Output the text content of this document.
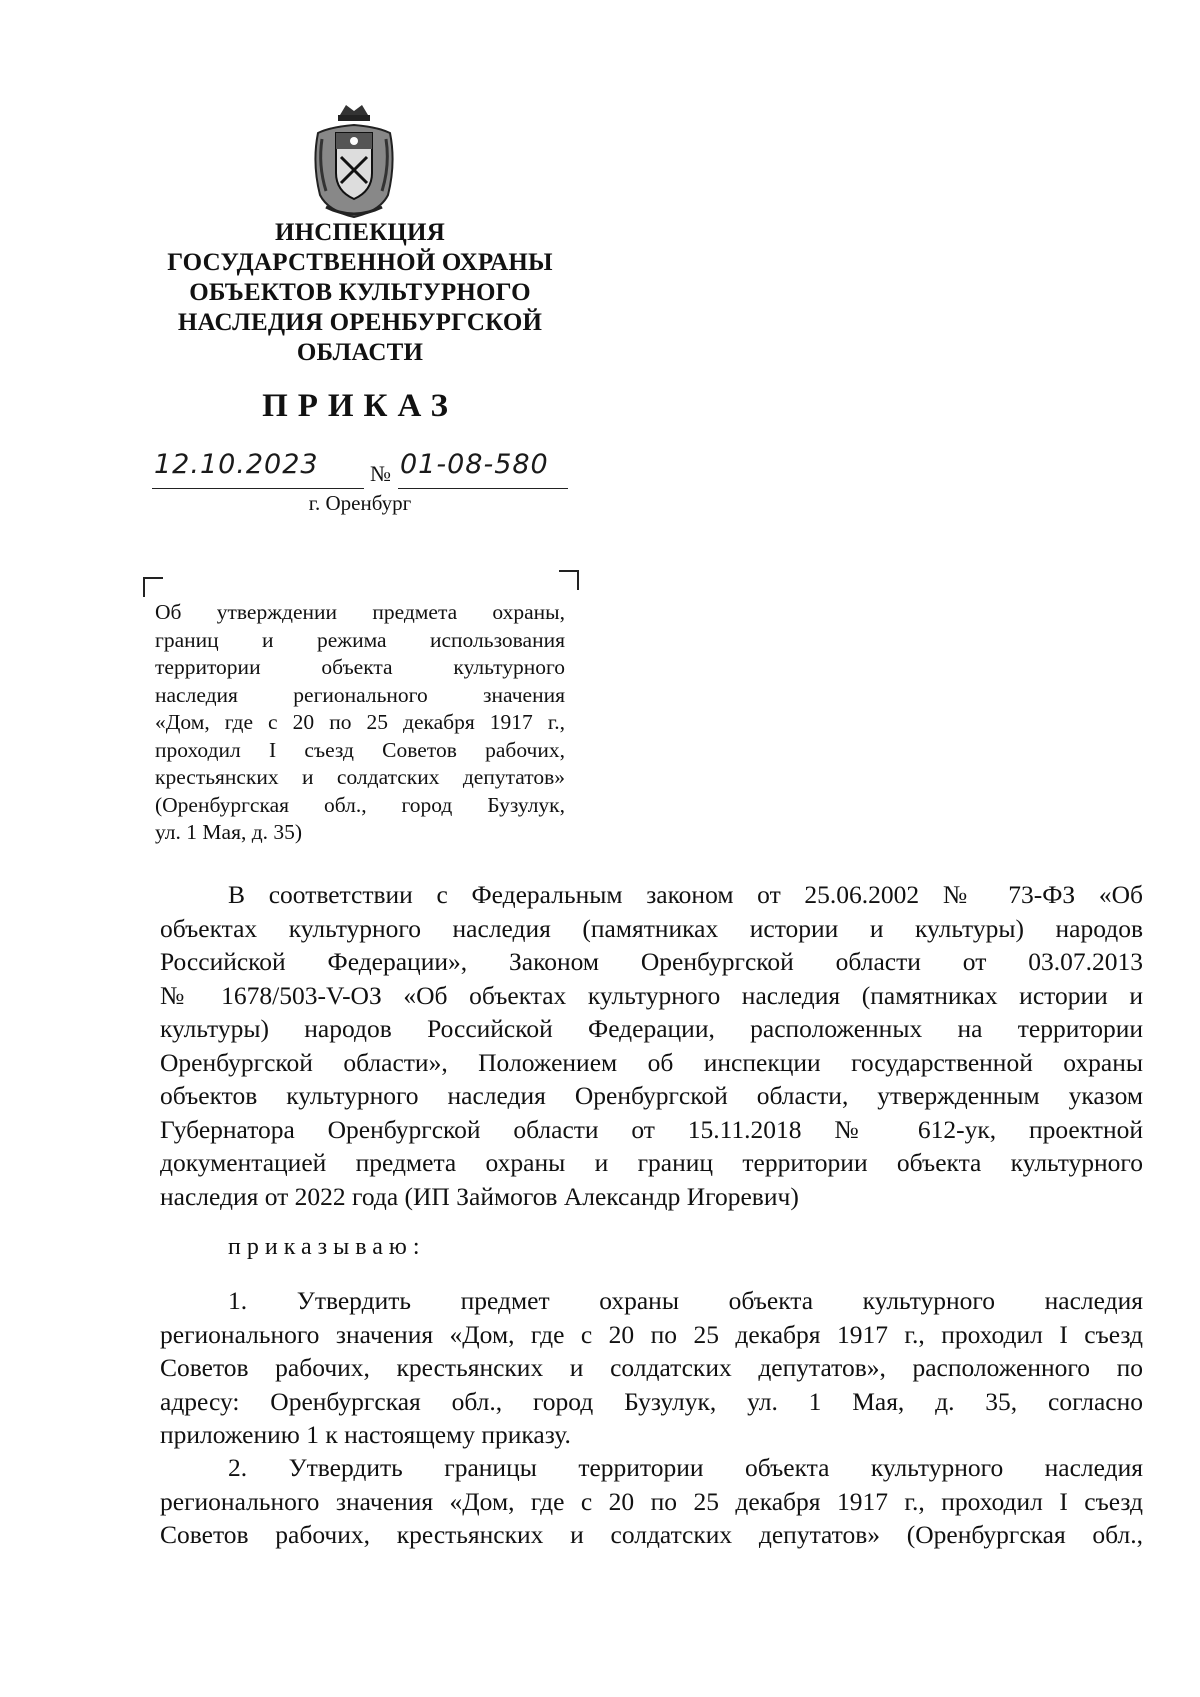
ИНСПЕКЦИЯ
ГОСУДАРСТВЕННОЙ ОХРАНЫ
ОБЪЕКТОВ КУЛЬТУРНОГО
НАСЛЕДИЯ ОРЕНБУРГСКОЙ
ОБЛАСТИ
ПРИКАЗ
12.10.2023 № 01-08-580
г. Оренбург
Об утверждении предмета охраны,
границ и режима использования
территории объекта культурного
наследия регионального значения
«Дом, где с 20 по 25 декабря 1917 г.,
проходил I съезд Советов рабочих,
крестьянских и солдатских депутатов»
(Оренбургская обл., город Бузулук,
ул. 1 Мая, д. 35)
В соответствии с Федеральным законом от 25.06.2002 № 73-ФЗ «Об
объектах культурного наследия (памятниках истории и культуры) народов
Российской Федерации», Законом Оренбургской области от 03.07.2013
№ 1678/503-V-ОЗ «Об объектах культурного наследия (памятниках истории и
культуры) народов Российской Федерации, расположенных на территории
Оренбургской области», Положением об инспекции государственной охраны
объектов культурного наследия Оренбургской области, утвержденным указом
Губернатора Оренбургской области от 15.11.2018 № 612-ук, проектной
документацией предмета охраны и границ территории объекта культурного
наследия от 2022 года (ИП Займогов Александр Игоревич)
приказываю:
1. Утвердить предмет охраны объекта культурного наследия
регионального значения «Дом, где с 20 по 25 декабря 1917 г., проходил I съезд
Советов рабочих, крестьянских и солдатских депутатов», расположенного по
адресу: Оренбургская обл., город Бузулук, ул. 1 Мая, д. 35, согласно
приложению 1 к настоящему приказу.
2. Утвердить границы территории объекта культурного наследия
регионального значения «Дом, где с 20 по 25 декабря 1917 г., проходил I съезд
Советов рабочих, крестьянских и солдатских депутатов» (Оренбургская обл.,
